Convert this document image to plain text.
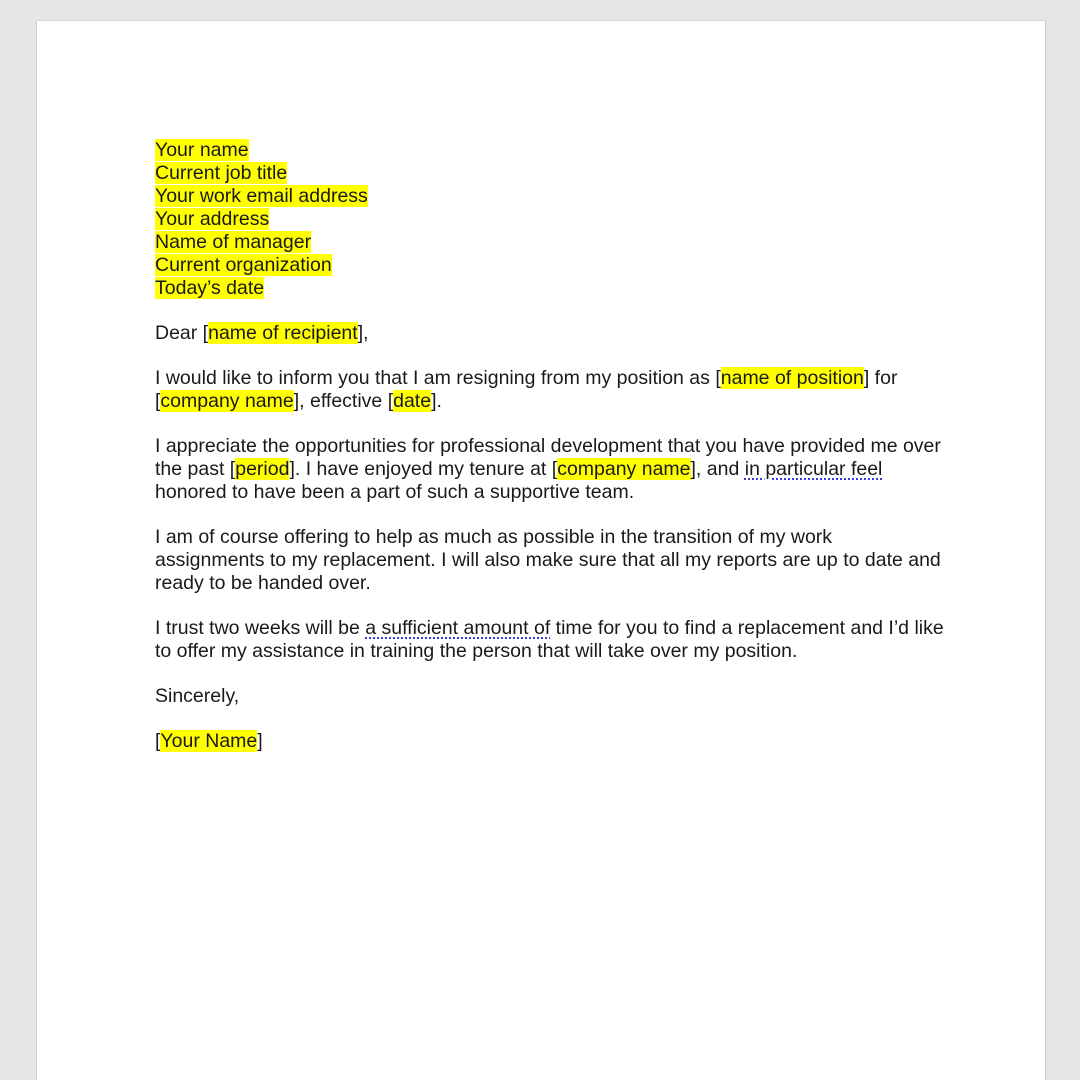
Your name
Current job title
Your work email address
Your address
Name of manager
Current organization
Today’s date

Dear [name of recipient],

I would like to inform you that I am resigning from my position as [name of position] for [company name], effective [date].

I appreciate the opportunities for professional development that you have provided me over the past [period]. I have enjoyed my tenure at [company name], and in particular feel honored to have been a part of such a supportive team.

I am of course offering to help as much as possible in the transition of my work assignments to my replacement. I will also make sure that all my reports are up to date and ready to be handed over.

I trust two weeks will be a sufficient amount of time for you to find a replacement and I’d like to offer my assistance in training the person that will take over my position.

Sincerely,

[Your Name]
